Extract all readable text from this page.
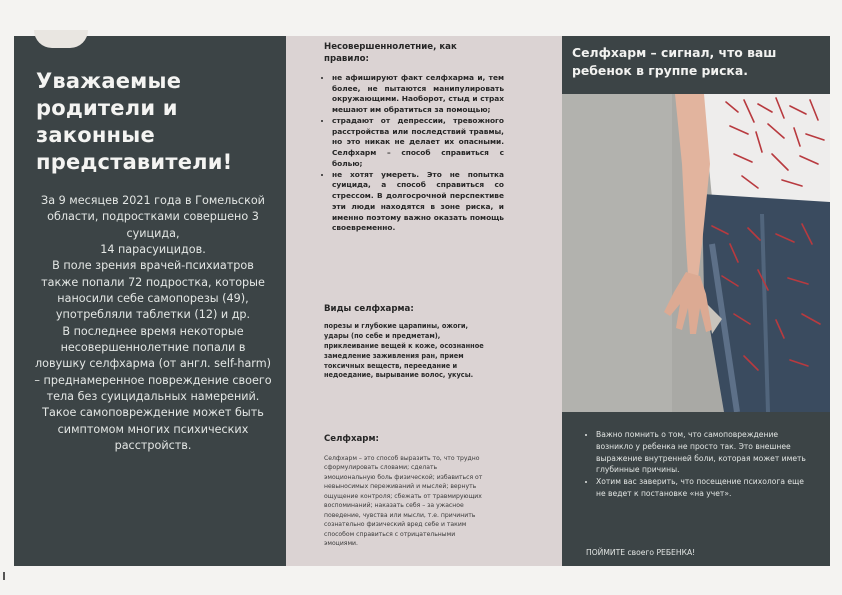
Уважаемые родители и законные представители!

За 9 месяцев 2021 года в Гомельской области, подростками совершено 3 суицида,

14 парасуицидов.

В поле зрения врачей-психиатров также попали 72 подростка, которые наносили себе самопорезы (49), употребляли таблетки (12) и др.

В последнее время некоторые несовершеннолетние попали в ловушку селфхарма (от англ. self-harm) – преднамеренное повреждение своего тела без суицидальных намерений. Такое самоповреждение может быть симптомом многих психических расстройств.

Несовершеннолетние, как правило:
• не афишируют факт селфхарма и, тем более, не пытаются манипулировать окружающими. Наоборот, стыд и страх мешают им обратиться за помощью;
• страдают от депрессии, тревожного расстройства или последствий травмы, но это никак не делает их опасными. Селфхарм – способ справиться с болью;
• не хотят умереть. Это не попытка суицида, а способ справиться со стрессом. В долгосрочной перспективе эти люди находятся в зоне риска, и именно поэтому важно оказать помощь своевременно.
Виды селфхарма:
порезы и глубокие царапины, ожоги, удары (по себе и предметам), приклеивание вещей к коже, осознанное замедление заживления ран, прием токсичных веществ, переедание и недоедание, вырывание волос, укусы.
Селфхарм:
Селфхарм – это способ выразить то, что трудно сформулировать словами; сделать эмоциональную боль физической; избавиться от невыносимых переживаний и мыслей; вернуть ощущение контроля; сбежать от травмирующих воспоминаний; наказать себя – за ужасное поведение, чувства или мысли, т.е. причинить сознательно физический вред себе и таким способом справиться с отрицательными эмоциями.
Селфхарм – сигнал, что ваш ребенок в группе риска.
• Важно помнить о том, что самоповреждение возникло у ребенка не просто так. Это внешнее выражение внутренней боли, которая может иметь глубинные причины.
• Хотим вас заверить, что посещение психолога еще не ведет к постановке «на учет».
ПОЙМИТЕ своего РЕБЕНКА!
